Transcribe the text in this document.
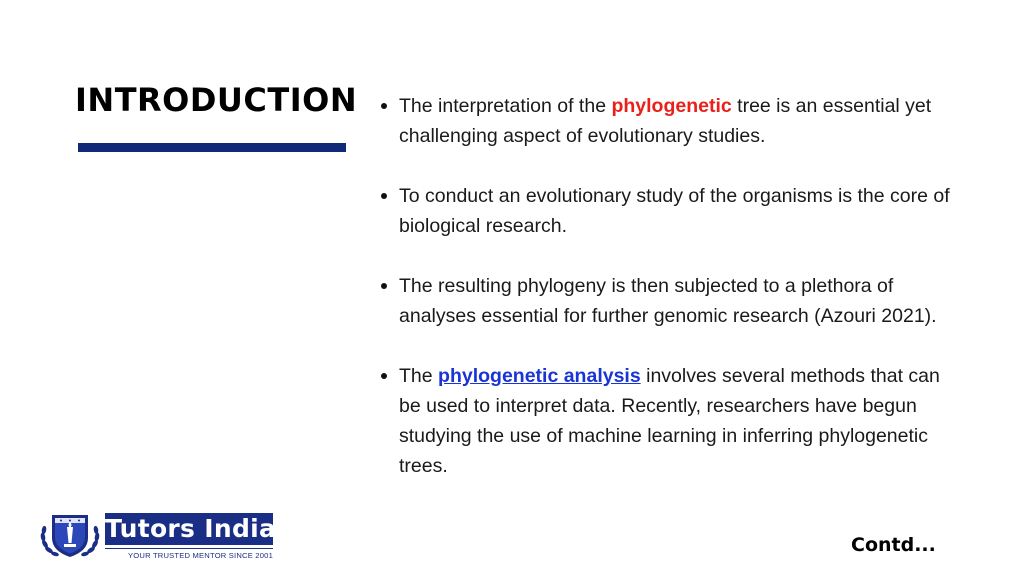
INTRODUCTION	The interpretation of the phylogenetic tree is an essential yet challenging aspect of evolutionary studies.
To conduct an evolutionary study of the organisms is the core of biological research.
The resulting phylogeny is then subjected to a plethora of analyses essential for further genomic research (Azouri 2021).
The phylogenetic analysis involves several methods that can be used to interpret data. Recently, researchers have begun studying the use of machine learning in inferring phylogenetic trees.
Tutors India
YOUR TRUSTED MENTOR SINCE 2001	Contd...
